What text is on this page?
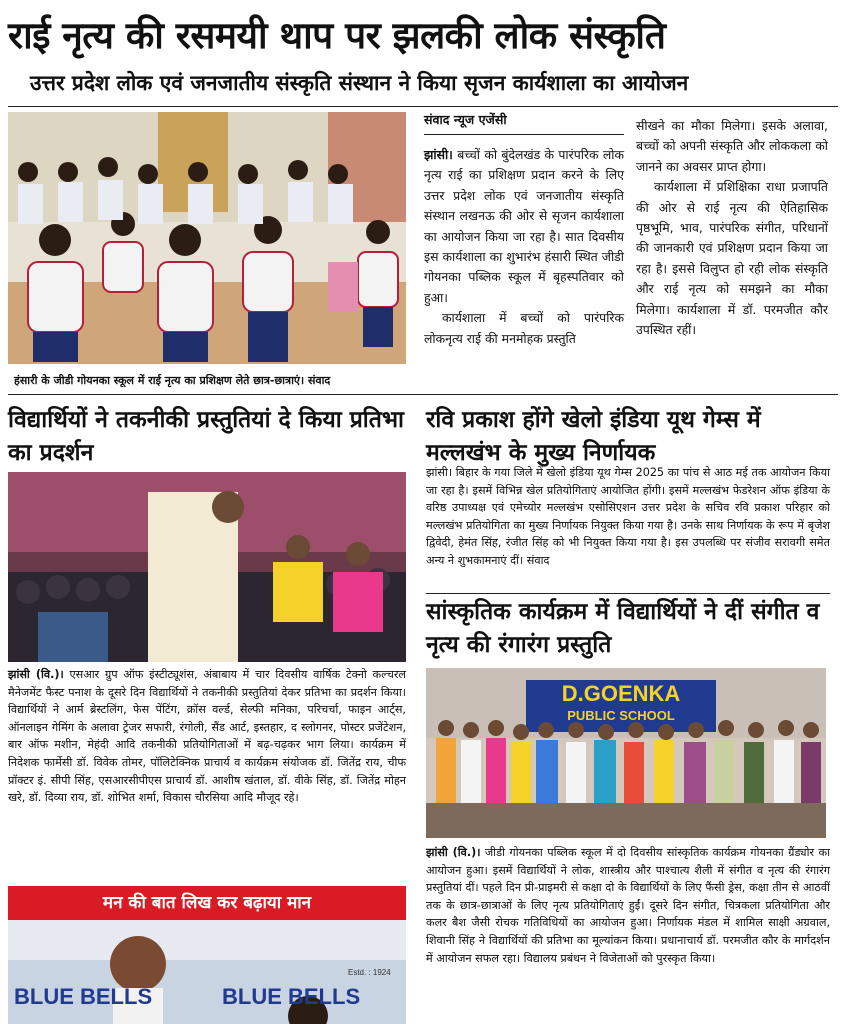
राई नृत्य की रसमयी थाप पर झलकी लोक संस्कृति
उत्तर प्रदेश लोक एवं जनजातीय संस्कृति संस्थान ने किया सृजन कार्यशाला का आयोजन
हंसारी के जीडी गोयनका स्कूल में राई नृत्य का प्रशिक्षण लेते छात्र-छात्राएं। संवाद
संवाद न्यूज एजेंसी

झांसी। बच्चों को बुंदेलखंड के पारंपरिक लोक नृत्य राई का प्रशिक्षण प्रदान करने के लिए उत्तर प्रदेश लोक एवं जनजातीय संस्कृति संस्थान लखनऊ की ओर से सृजन कार्यशाला का आयोजन किया जा रहा है। सात दिवसीय इस कार्यशाला का शुभारंभ हंसारी स्थित जीडी गोयनका पब्लिक स्कूल में बृहस्पतिवार को हुआ।

कार्यशाला में बच्चों को पारंपरिक लोकनृत्य राई की मनमोहक प्रस्तुति

सीखने का मौका मिलेगा। इसके अलावा, बच्चों को अपनी संस्कृति और लोककला को जानने का अवसर प्राप्त होगा।

कार्यशाला में प्रशिक्षिका राधा प्रजापति की ओर से राई नृत्य की ऐतिहासिक पृष्ठभूमि, भाव, पारंपरिक संगीत, परिधानों की जानकारी एवं प्रशिक्षण प्रदान किया जा रहा है। इससे विलुप्त हो रही लोक संस्कृति और राई नृत्य को समझने का मौका मिलेगा। कार्यशाला में डॉ. परमजीत कौर उपस्थित रहीं।

विद्यार्थियों ने तकनीकी प्रस्तुतियां दे किया प्रतिभा का प्रदर्शन
झांसी (वि.)। एसआर ग्रुप ऑफ इंस्टीट्यूशंस, अंबाबाय में चार दिवसीय वार्षिक टेक्नो कल्चरल मैनेजमेंट फैस्ट पनाश के दूसरे दिन विद्यार्थियों ने तकनीकी प्रस्तुतियां देकर प्रतिभा का प्रदर्शन किया। विद्यार्थियों ने आर्म ब्रेस्टलिंग, फेस पेंटिंग, क्रॉस वर्ल्ड, सेल्फी मनिका, परिचर्चा, फाइन आर्ट्स, ऑनलाइन गेमिंग के अलावा ट्रेजर सफारी, रंगोली, सैंड आर्ट, इस्तहार, द स्लोगनर, पोस्टर प्रजेंटेशन, बार ऑफ मशीन, मेहंदी आदि तकनीकी प्रतियोगिताओं में बढ़-चढ़कर भाग लिया। कार्यक्रम में निदेशक फार्मेसी डॉ. विवेक तोमर, पॉलिटेक्निक प्राचार्य व कार्यक्रम संयोजक डॉ. जितेंद्र राय, चीफ प्रॉक्टर इं. सीपी सिंह, एसआरसीपीएस प्राचार्य डॉ. आशीष खंताल, डॉ. वीके सिंह, डॉ. जितेंद्र मोहन खरे, डॉ. दिव्या राय, डॉ. शोभित शर्मा, विकास चौरसिया आदि मौजूद रहे।
रवि प्रकाश होंगे खेलो इंडिया यूथ गेम्स में मल्लखंभ के मुख्य निर्णायक
झांसी। बिहार के गया जिले में खेलो इंडिया यूथ गेम्स 2025 का पांच से आठ मई तक आयोजन किया जा रहा है। इसमें विभिन्न खेल प्रतियोगिताएं आयोजित होंगी। इसमें मल्लखंभ फेडरेशन ऑफ इंडिया के वरिष्ठ उपाध्यक्ष एवं एमेच्योर मल्लखंभ एसोसिएशन उत्तर प्रदेश के सचिव रवि प्रकाश परिहार को मल्लखंभ प्रतियोगिता का मुख्य निर्णायक नियुक्त किया गया है। उनके साथ निर्णायक के रूप में बृजेश द्विवेदी, हेमंत सिंह, रंजीत सिंह को भी नियुक्त किया गया है। इस उपलब्धि पर संजीव सरावगी समेत अन्य ने शुभकामनाएं दीं। संवाद
सांस्कृतिक कार्यक्रम में विद्यार्थियों ने दीं संगीत व नृत्य की रंगारंग प्रस्तुति
D.GOENKA
PUBLIC SCHOOL
झांसी (वि.)। जीडी गोयनका पब्लिक स्कूल में दो दिवसीय सांस्कृतिक कार्यक्रम गोयनका ग्रैंड्योर का आयोजन हुआ। इसमें विद्यार्थियों ने लोक, शास्त्रीय और पाश्चात्य शैली में संगीत व नृत्य की रंगारंग प्रस्तुतियां दीं। पहले दिन प्री-प्राइमरी से कक्षा दो के विद्यार्थियों के लिए फैंसी ड्रेस, कक्षा तीन से आठवीं तक के छात्र-छात्राओं के लिए नृत्य प्रतियोगिताएं हुईं। दूसरे दिन संगीत, चित्रकला प्रतियोगिता और कलर बैश जैसी रोचक गतिविधियों का आयोजन हुआ। निर्णायक मंडल में शामिल साक्षी अग्रवाल, शिवानी सिंह ने विद्यार्थियों की प्रतिभा का मूल्यांकन किया। प्रधानाचार्य डॉ. परमजीत कौर के मार्गदर्शन में आयोजन सफल रहा। विद्यालय प्रबंधन ने विजेताओं को पुरस्कृत किया।
मन की बात लिख कर बढ़ाया मान
BLUE BELLS	BLUE BELLS
Estd. : 1924
